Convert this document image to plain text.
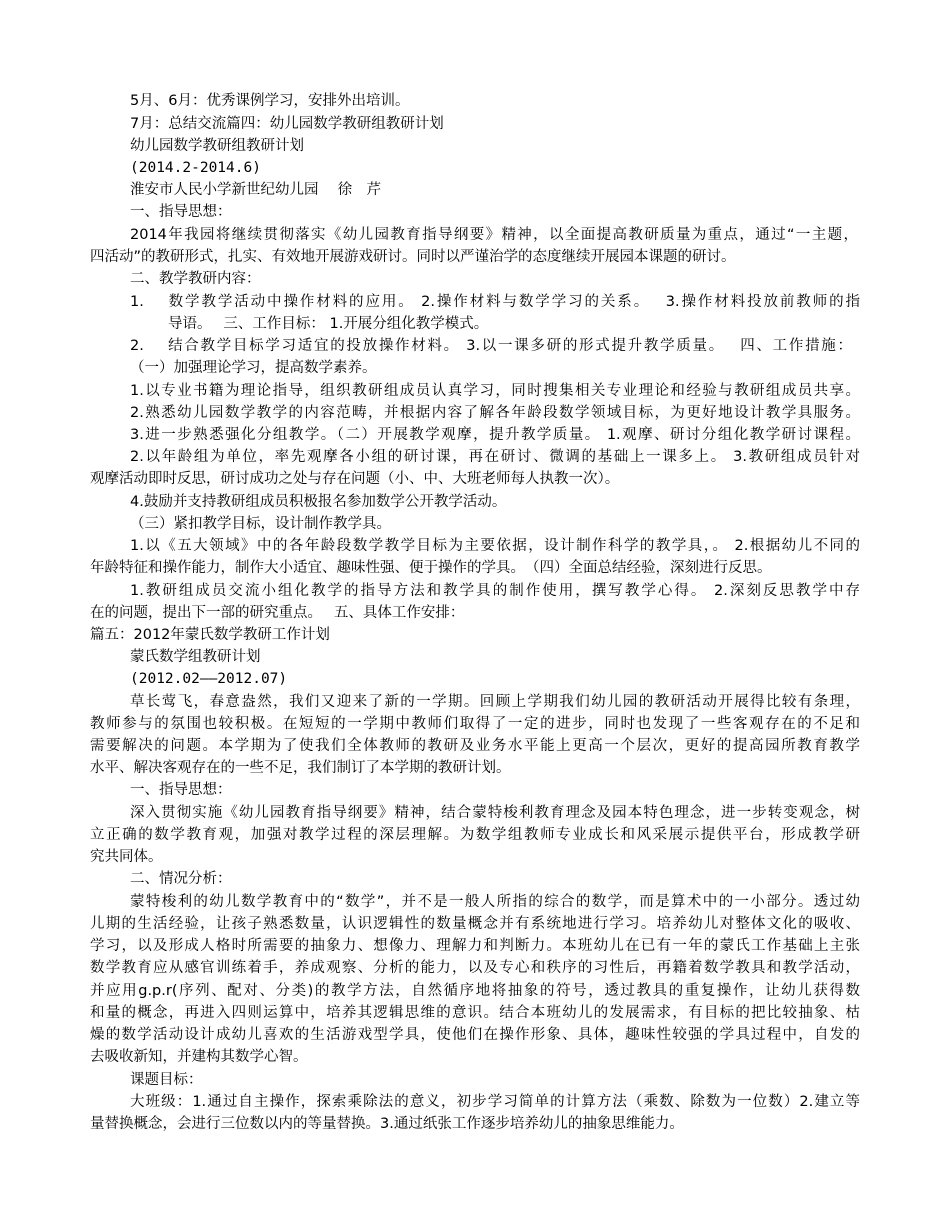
5月、6月：优秀课例学习，安排外出培训。
7月：总结交流篇四：幼儿园数学教研组教研计划
幼儿园数学教研组教研计划
(2014.2-2014.6)
淮安市人民小学新世纪幼儿园　 徐　芹
一、指导思想：
2014年我园将继续贯彻落实《幼儿园教育指导纲要》精神，以全面提高教研质量为重点，通过“一主题，
四活动”的教研形式，扎实、有效地开展游戏研讨。同时以严谨治学的态度继续开展园本课题的研讨。
二、教学教研内容：
1.　 数学教学活动中操作材料的应用。 2.操作材料与数学学习的关系。　 3.操作材料投放前教师的指
导语。　 三、工作目标： 1.开展分组化教学模式。
2.　 结合教学目标学习适宜的投放操作材料。 3.以一课多研的形式提升教学质量。　 四、工作措施：
（一）加强理论学习，提高数学素养。
1.以专业书籍为理论指导，组织教研组成员认真学习，同时搜集相关专业理论和经验与教研组成员共享。
2.熟悉幼儿园数学教学的内容范畴，并根据内容了解各年龄段数学领域目标，为更好地设计教学具服务。
3.进一步熟悉强化分组教学。（二）开展教学观摩，提升教学质量。 1.观摩、研讨分组化教学研讨课程。
2.以年龄组为单位，率先观摩各小组的研讨课，再在研讨、微调的基础上一课多上。 3.教研组成员针对
观摩活动即时反思，研讨成功之处与存在问题（小、中、大班老师每人执教一次）。
4.鼓励并支持教研组成员积极报名参加数学公开教学活动。
（三）紧扣教学目标，设计制作教学具。
1.以《五大领域》中的各年龄段数学教学目标为主要依据，设计制作科学的教学具，。 2.根据幼儿不同的
年龄特征和操作能力，制作大小适宜、趣味性强、便于操作的学具。　（四）全面总结经验，深刻进行反思。
1.教研组成员交流小组化教学的指导方法和教学具的制作使用，撰写教学心得。 2.深刻反思教学中存
在的问题，提出下一部的研究重点。　 五、具体工作安排：
篇五：2012年蒙氏数学教研工作计划
蒙氏数学组教研计划
(2012.02——2012.07)
草长莺飞，春意盎然，我们又迎来了新的一学期。回顾上学期我们幼儿园的教研活动开展得比较有条理，
教师参与的氛围也较积极。在短短的一学期中教师们取得了一定的进步，同时也发现了一些客观存在的不足和
需要解决的问题。本学期为了使我们全体教师的教研及业务水平能上更高一个层次，更好的提高园所教育教学
水平、解决客观存在的一些不足，我们制订了本学期的教研计划。
一、指导思想：
深入贯彻实施《幼儿园教育指导纲要》精神，结合蒙特梭利教育理念及园本特色理念，进一步转变观念，树
立正确的数学教育观，加强对教学过程的深层理解。为数学组教师专业成长和风采展示提供平台，形成教学研
究共同体。
二、情况分析：
蒙特梭利的幼儿数学教育中的“数学”，并不是一般人所指的综合的数学，而是算术中的一小部分。透过幼
儿期的生活经验，让孩子熟悉数量，认识逻辑性的数量概念并有系统地进行学习。培养幼儿对整体文化的吸收、
学习，以及形成人格时所需要的抽象力、想像力、理解力和判断力。本班幼儿在已有一年的蒙氏工作基础上主张
数学教育应从感官训练着手，养成观察、分析的能力，以及专心和秩序的习性后，再籍着数学教具和教学活动，
并应用g.p.r(序列、配对、分类)的教学方法，自然循序地将抽象的符号，透过教具的重复操作，让幼儿获得数
和量的概念，再进入四则运算中，培养其逻辑思维的意识。结合本班幼儿的发展需求，有目标的把比较抽象、枯
燥的数学活动设计成幼儿喜欢的生活游戏型学具，使他们在操作形象、具体，趣味性较强的学具过程中，自发的
去吸收新知，并建构其数学心智。
课题目标：
大班级：1.通过自主操作，探索乘除法的意义，初步学习简单的计算方法（乘数、除数为一位数）2.建立等
量替换概念，会进行三位数以内的等量替换。3.通过纸张工作逐步培养幼儿的抽象思维能力。
